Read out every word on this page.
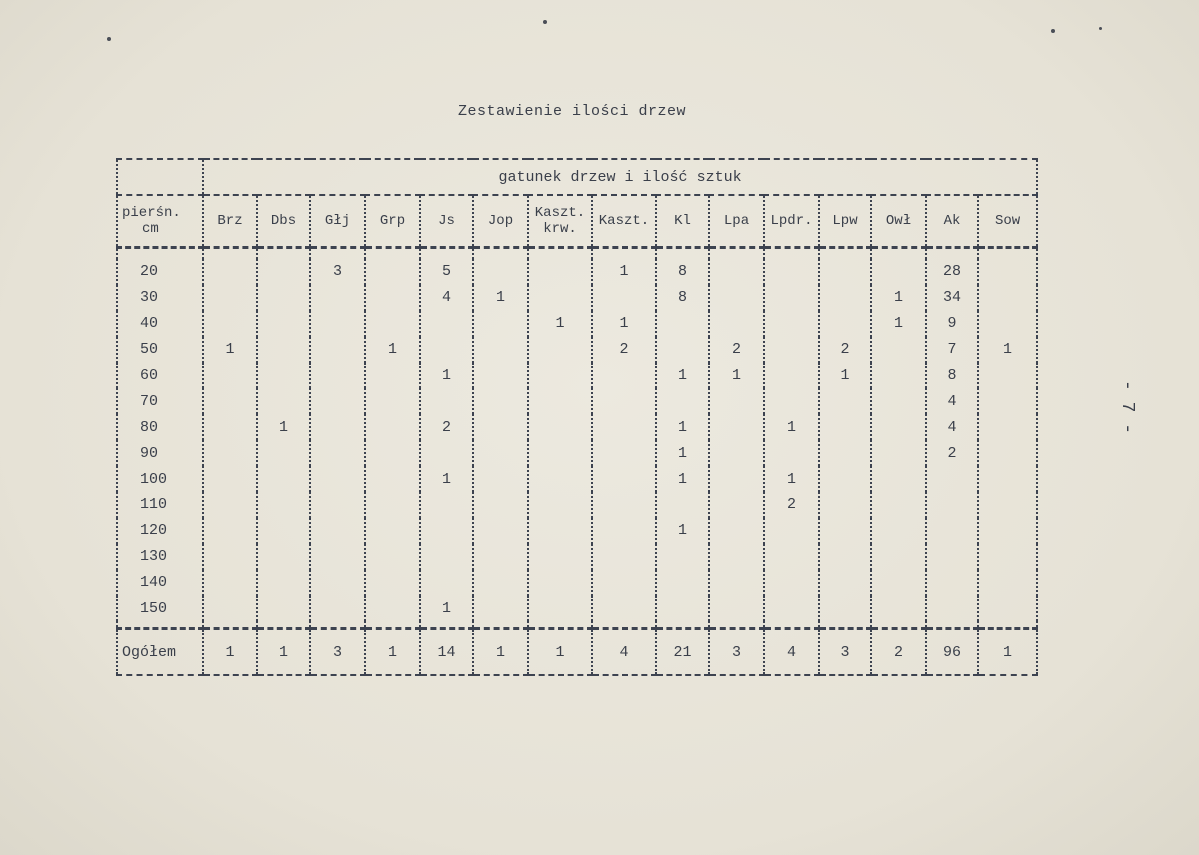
Zestawienie ilości drzew
- 7 -
	gatunek drzew i ilość sztuk														
pierśn.
cm	Brz	Dbs	Głj	Grp	Js	Jop	Kaszt. krw.	Kaszt.	Kl	Lpa	Lpdr.	Lpw	Owł	Ak	Sow

20			3		5			1	8					28	
30					4	1			8				1	34	
40							1	1					1	9	
50	1			1				2		2		2		7	1
60					1				1	1		1		8	
70														4	
80		1			2				1		1			4	
90									1					2	
100					1				1		1				
110											2				
120									1						
130															
140															
150					1										

Ogółem	1	1	3	1	14	1	1	4	21	3	4	3	2	96	1
